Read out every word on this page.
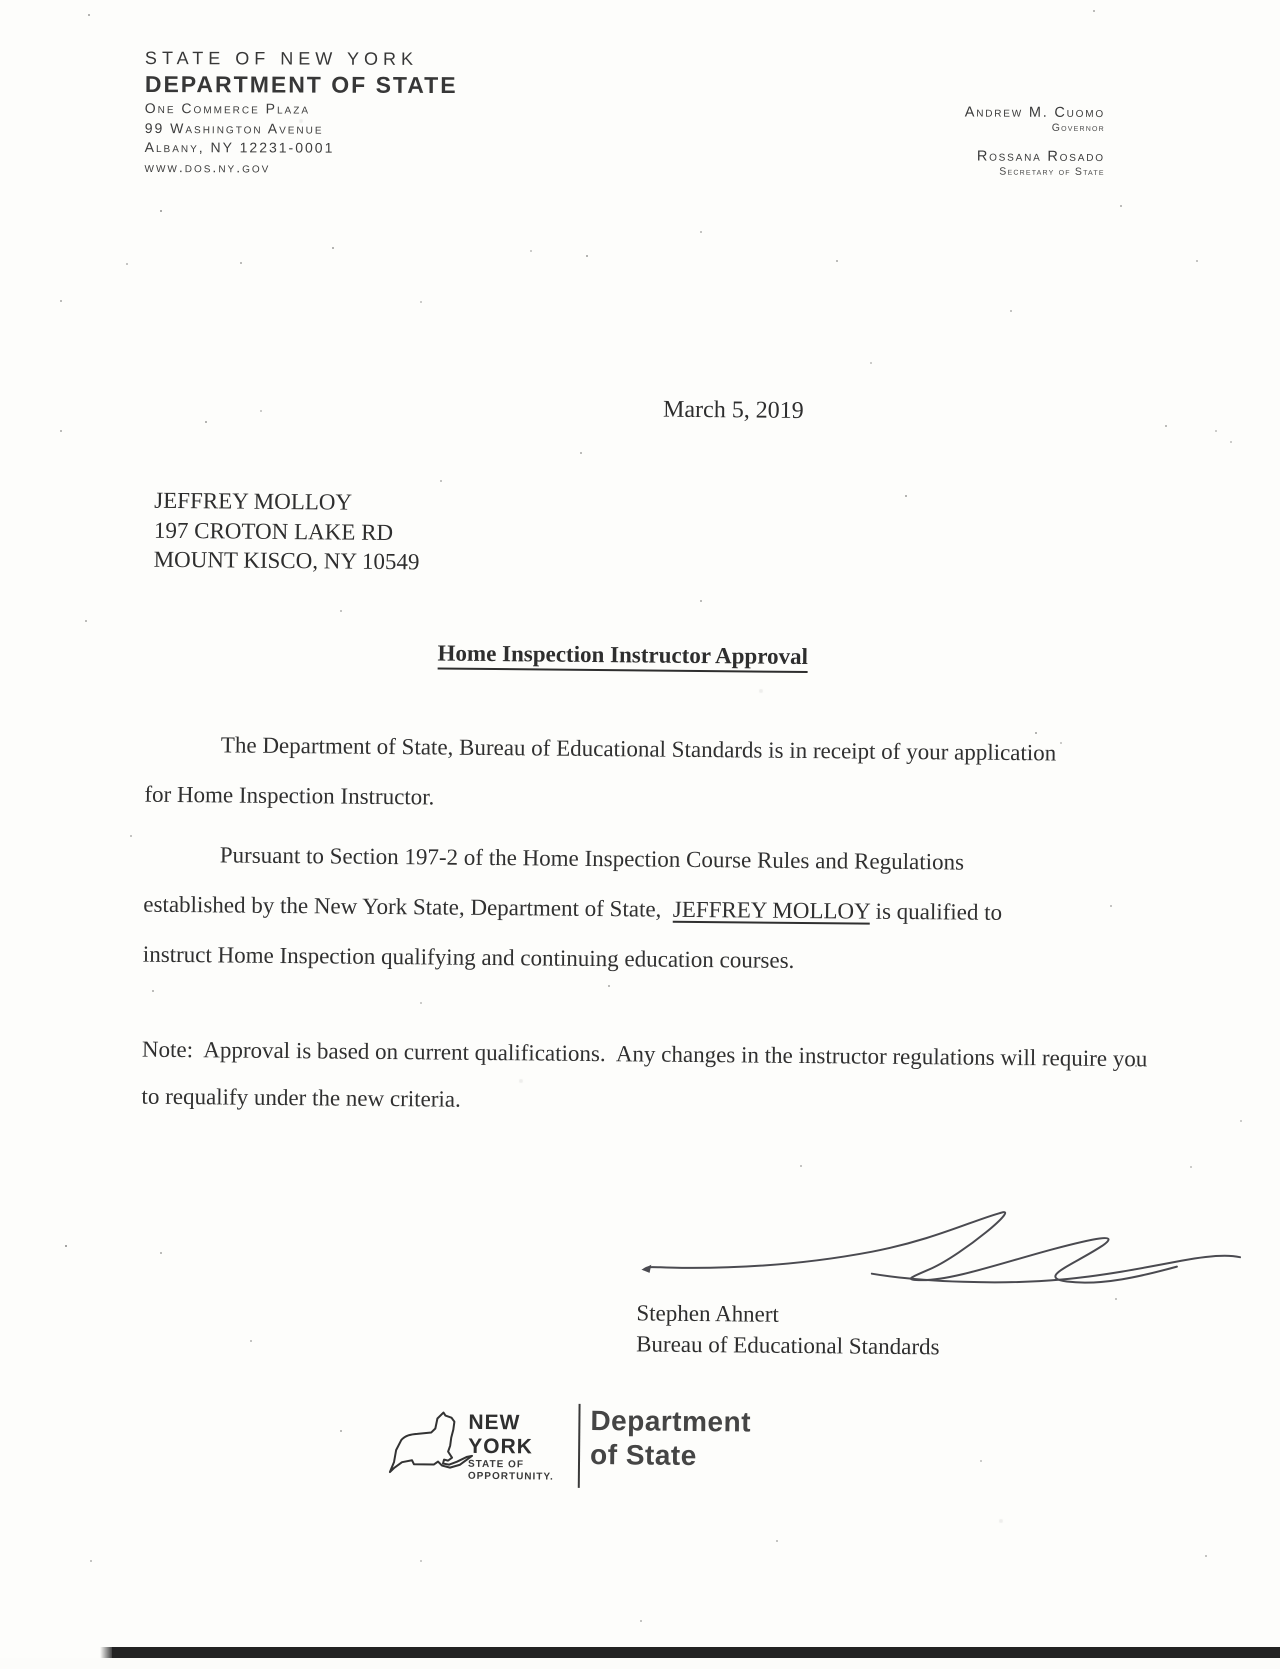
STATE OF NEW YORK
DEPARTMENT OF STATE
One Commerce Plaza
99 Washington Avenue
Albany, NY 12231-0001
www.dos.ny.gov
Andrew M. Cuomo
Governor
Rossana Rosado
Secretary of State
March 5, 2019
JEFFREY MOLLOY
197 CROTON LAKE RD
MOUNT KISCO, NY 10549
Home Inspection Instructor Approval

The Department of State, Bureau of Educational Standards is in receipt of your application for Home Inspection Instructor.

Pursuant to Section 197-2 of the Home Inspection Course Rules and Regulations established by the New York State, Department of State,  JEFFREY MOLLOY is qualified to instruct Home Inspection qualifying and continuing education courses.

Note:  Approval is based on current qualifications.  Any changes in the instructor regulations will require you to requalify under the new criteria.

Stephen Ahnert
Bureau of Educational Standards
NEW YORK
STATE OF
OPPORTUNITY.
Department
of State
